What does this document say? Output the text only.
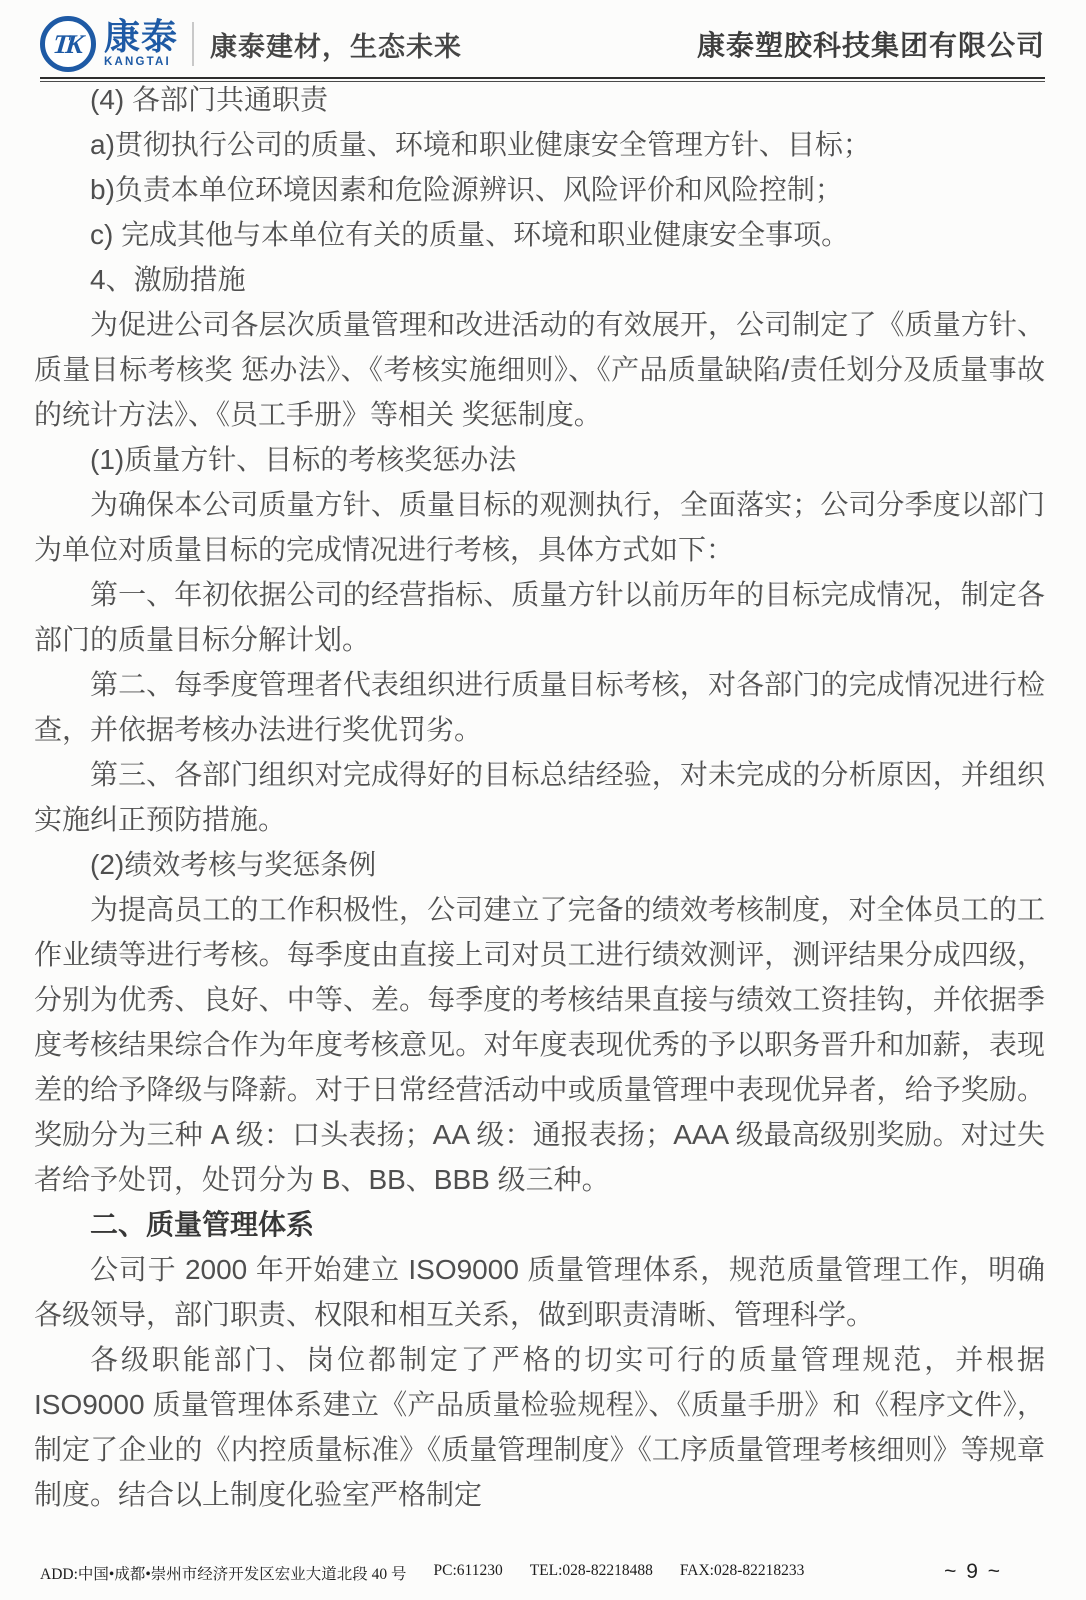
TK 康泰
KANGTAI
康泰建材，生态未来	康泰塑胶科技集团有限公司

(4) 各部门共通职责

a)贯彻执行公司的质量、环境和职业健康安全管理方针、目标；

b)负责本单位环境因素和危险源辨识、风险评价和风险控制；

c) 完成其他与本单位有关的质量、环境和职业健康安全事项。

4、激励措施

为促进公司各层次质量管理和改进活动的有效展开，公司制定了《质量方针、质量目标考核奖 惩办法》、《考核实施细则》、《产品质量缺陷/责任划分及质量事故的统计方法》、《员工手册》等相关 奖惩制度。

(1)质量方针、目标的考核奖惩办法

为确保本公司质量方针、质量目标的观测执行，全面落实；公司分季度以部门为单位对质量目标的完成情况进行考核，具体方式如下：

第一、年初依据公司的经营指标、质量方针以前历年的目标完成情况，制定各部门的质量目标分解计划。

第二、每季度管理者代表组织进行质量目标考核，对各部门的完成情况进行检查，并依据考核办法进行奖优罚劣。

第三、各部门组织对完成得好的目标总结经验，对未完成的分析原因，并组织实施纠正预防措施。

(2)绩效考核与奖惩条例

为提高员工的工作积极性，公司建立了完备的绩效考核制度，对全体员工的工作业绩等进行考核。每季度由直接上司对员工进行绩效测评，测评结果分成四级，分别为优秀、良好、中等、差。每季度的考核结果直接与绩效工资挂钩，并依据季度考核结果综合作为年度考核意见。对年度表现优秀的予以职务晋升和加薪，表现差的给予降级与降薪。对于日常经营活动中或质量管理中表现优异者，给予奖励。奖励分为三种 A 级：口头表扬；AA 级：通报表扬；AAA 级最高级别奖励。对过失者给予处罚，处罚分为 B、BB、BBB 级三种。

二、质量管理体系

公司于 2000 年开始建立 ISO9000 质量管理体系，规范质量管理工作，明确各级领导，部门职责、权限和相互关系，做到职责清晰、管理科学。

各级职能部门、岗位都制定了严格的切实可行的质量管理规范，并根据 ISO9000 质量管理体系建立《产品质量检验规程》、《质量手册》和《程序文件》，制定了企业的《内控质量标准》《质量管理制度》《工序质量管理考核细则》等规章制度。结合以上制度化验室严格制定

ADD:中国•成都•崇州市经济开发区宏业大道北段 40 号 PC:611230 TEL:028-82218488 FAX:028-82218233	~ 9 ~
